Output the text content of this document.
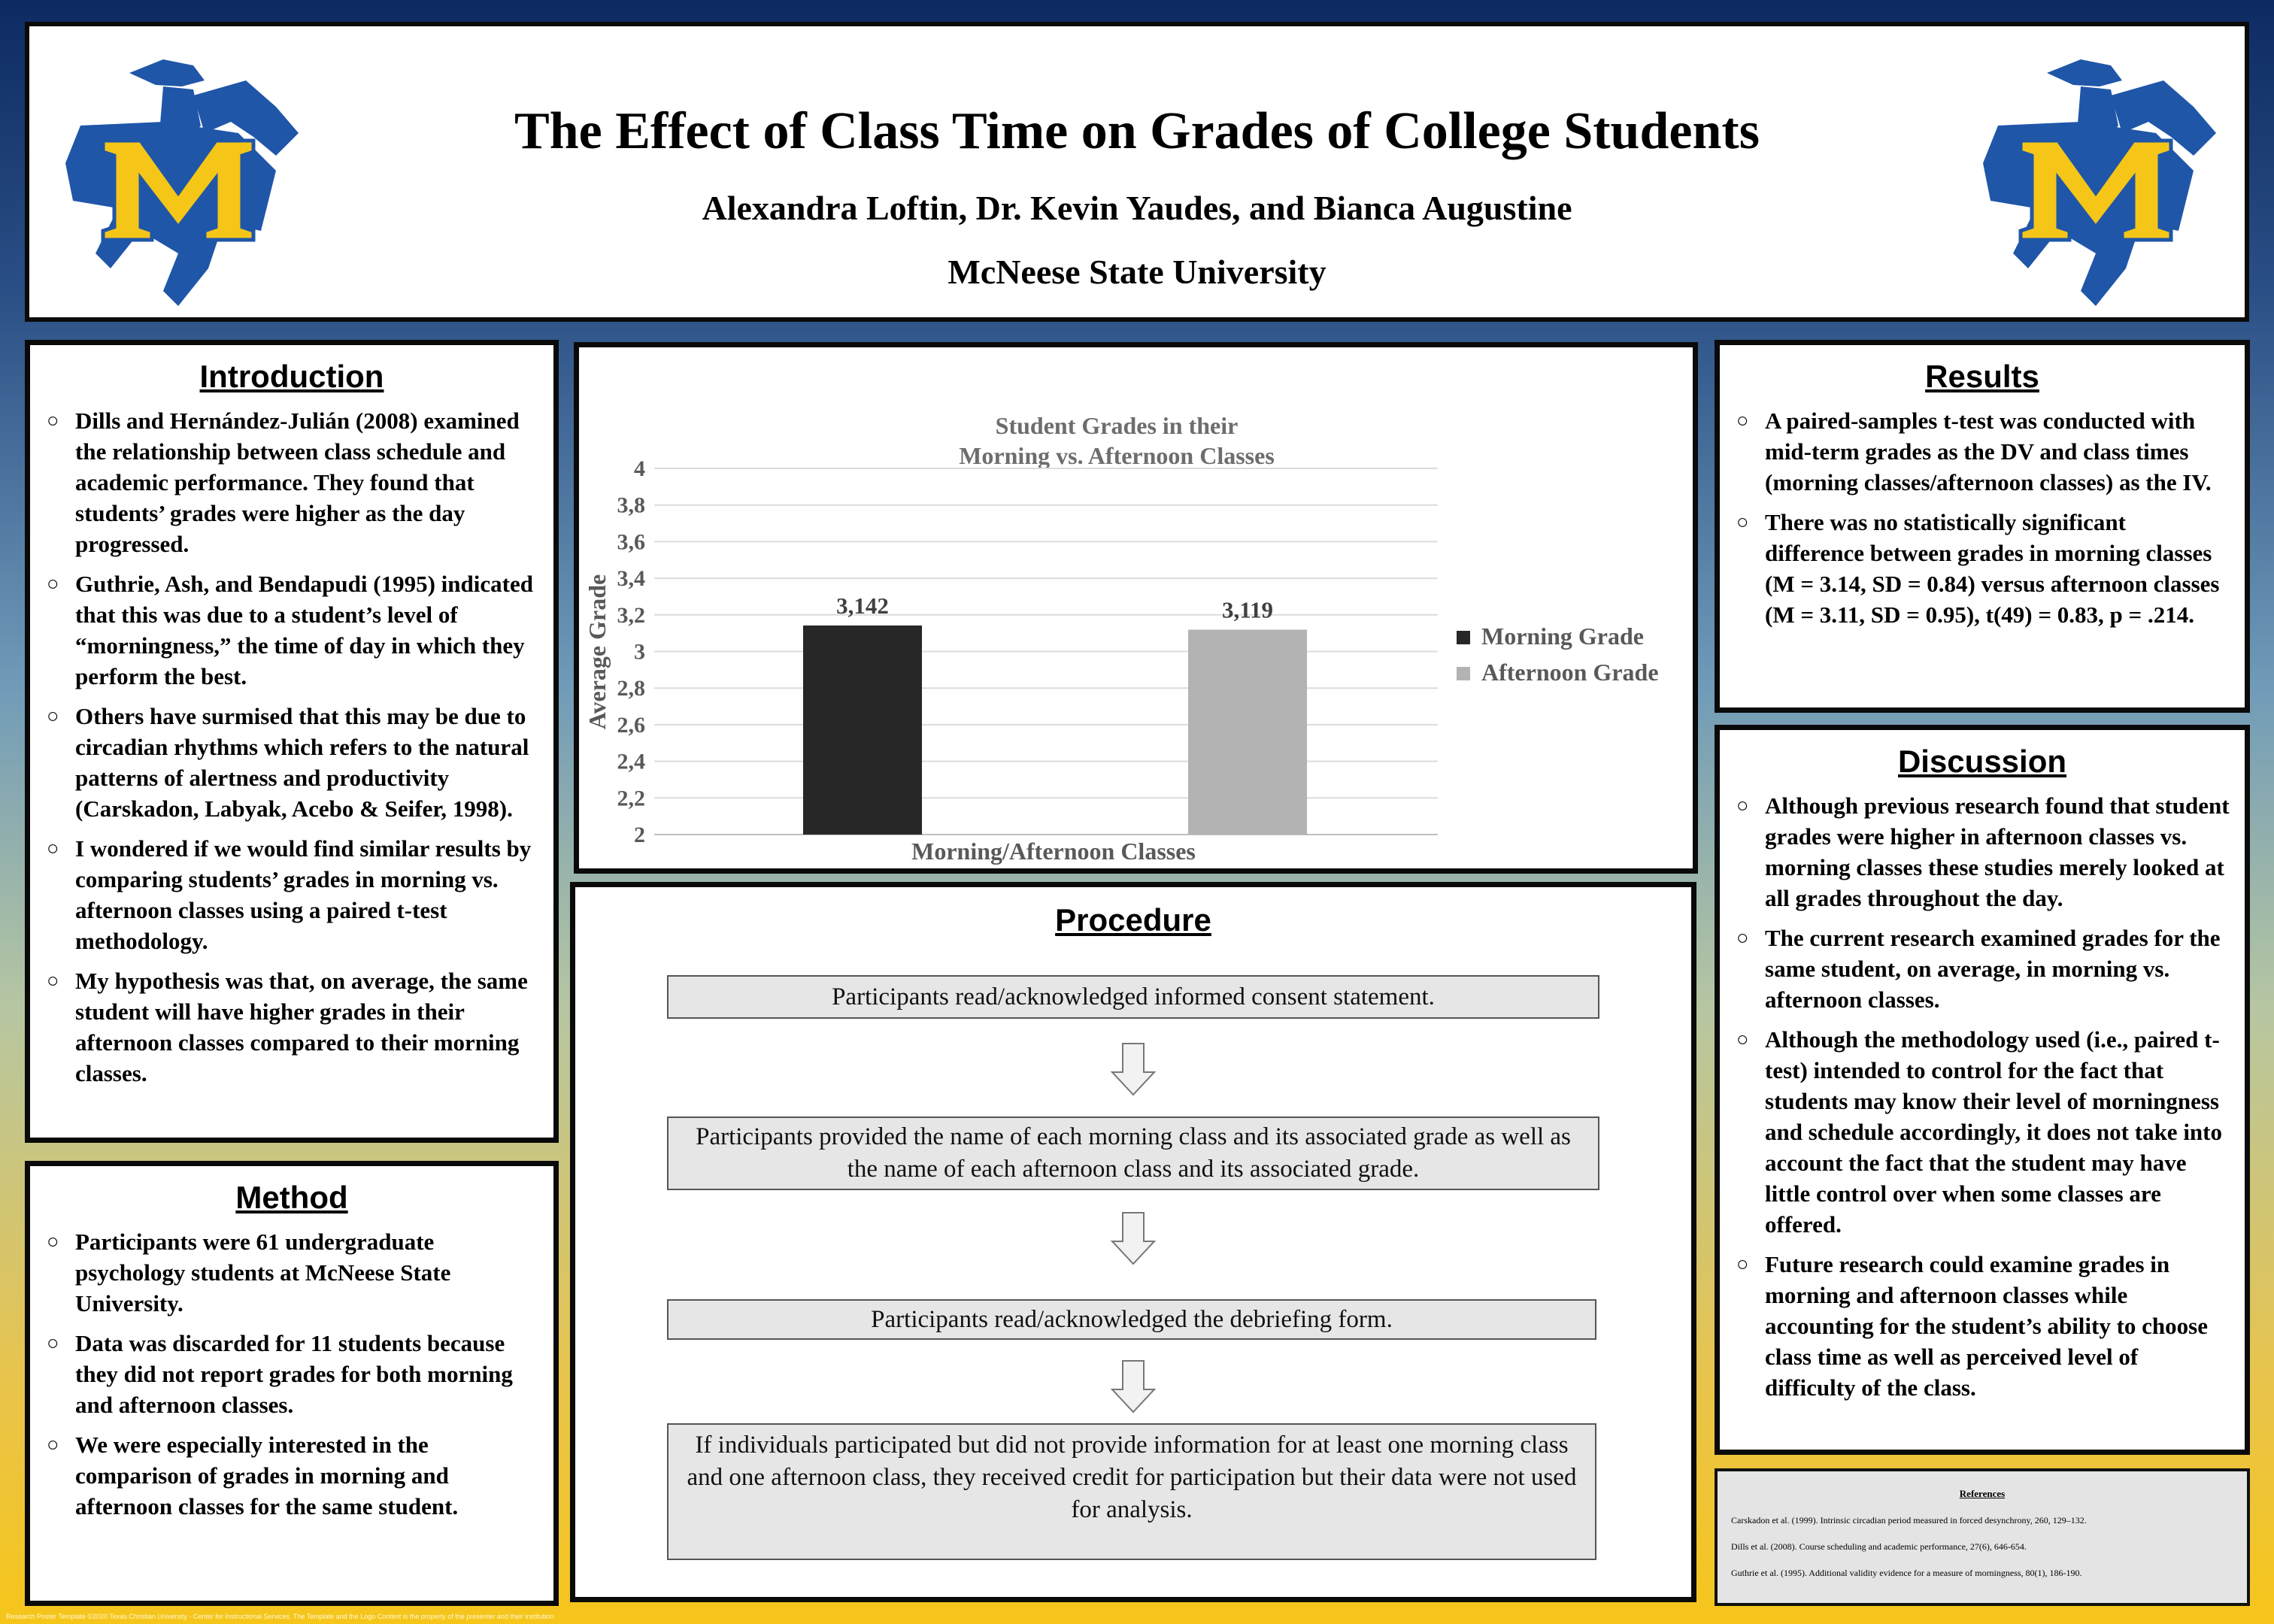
The Effect of Class Time on Grades of College Students
Alexandra Loftin, Dr. Kevin Yaudes, and Bianca Augustine
McNeese State University
Introduction
○ Dills and Hernández-Julián (2008) examined the relationship between class schedule and academic performance. They found that students’ grades were higher as the day progressed.
○ Guthrie, Ash, and Bendapudi (1995) indicated that this was due to a student’s level of “morningness,” the time of day in which they perform the best.
○ Others have surmised that this may be due to circadian rhythms which refers to the natural patterns of alertness and productivity (Carskadon, Labyak, Acebo & Seifer, 1998).
○ I wondered if we would find similar results by comparing students’ grades in morning vs. afternoon classes using a paired t-test methodology.
○ My hypothesis was that, on average, the same student will have higher grades in their afternoon classes compared to their morning classes.
Method
○ Participants were 61 undergraduate psychology students at McNeese State University.
○ Data was discarded for 11 students because they did not report grades for both morning and afternoon classes.
○ We were especially interested in the comparison of grades in morning and afternoon classes for the same student.
Student Grades in their
Morning vs. Afternoon Classes
2
2,2
2,4
2,6
2,8
3
3,2
3,4
3,6
3,8
4
3,142	3,119
Morning/Afternoon Classes
Average Grade	Morning Grade
Afternoon Grade
Procedure
Participants read/acknowledged informed consent statement.
Participants provided the name of each morning class and its associated grade as well as the name of each afternoon class and its associated grade.
Participants read/acknowledged the debriefing form.
If individuals participated but did not provide information for at least one morning class and one afternoon class, they received credit for participation but their data were not used for analysis.
Results
○ A paired-samples t-test was conducted with mid-term grades as the DV and class times (morning classes/afternoon classes) as the IV.
○ There was no statistically significant difference between grades in morning classes (M = 3.14, SD = 0.84) versus afternoon classes (M = 3.11, SD = 0.95), t(49) = 0.83, p = .214.
Discussion
○ Although previous research found that student grades were higher in afternoon classes vs. morning classes these studies merely looked at all grades throughout the day.
○ The current research examined grades for the same student, on average, in morning vs. afternoon classes.
○ Although the methodology used (i.e., paired t-test) intended to control for the fact that students may know their level of morningness and schedule accordingly, it does not take into account the fact that the student may have little control over when some classes are offered.
○ Future research could examine grades in morning and afternoon classes while accounting for the student’s ability to choose class time as well as perceived level of difficulty of the class.
References
Carskadon et al. (1999). Intrinsic circadian period measured in forced desynchrony, 260, 129–132.
Dills et al. (2008). Course scheduling and academic performance, 27(6), 646-654.
Guthrie et al. (1995). Additional validity evidence for a measure of morningness, 80(1), 186-190.
Research Poster Template ©2020 Texas Christian University - Center for Instructional Services. The Template and the Logo Content is the property of the presenter and their institution
